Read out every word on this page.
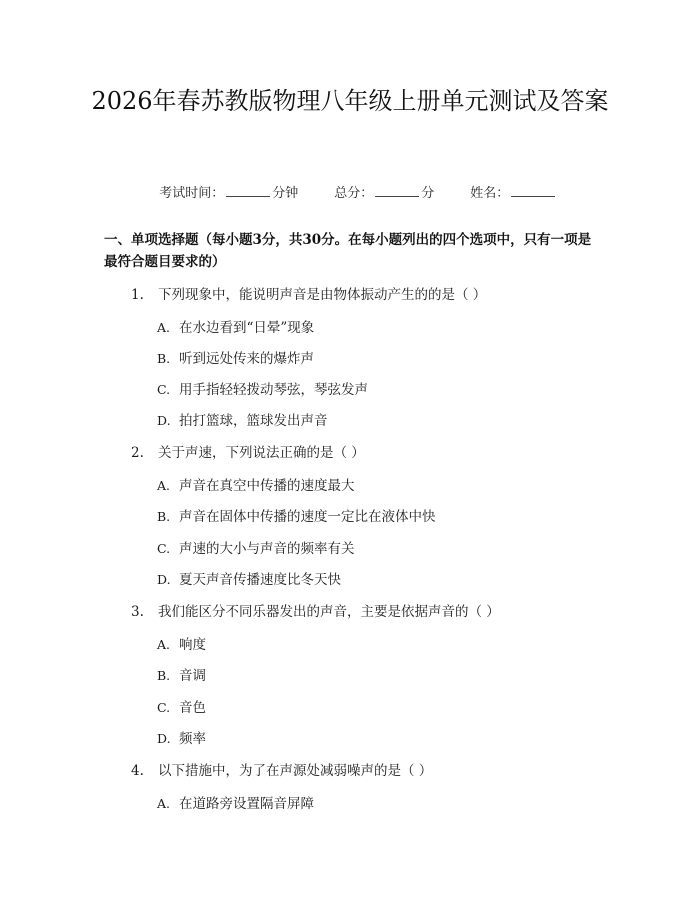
2026年春苏教版物理八年级上册单元测试及答案

考试时间：	分钟	总分：	分	姓名：

一、单项选择题（每小题3分，共30分。在每小题列出的四个选项中，只有一项是最符合题目要求的）
1. 下列现象中，能说明声音是由物体振动产生的的是（ ）
A. 在水边看到“日晕”现象
B. 听到远处传来的爆炸声
C. 用手指轻轻拨动琴弦，琴弦发声
D. 拍打篮球，篮球发出声音
2. 关于声速，下列说法正确的是（ ）
A. 声音在真空中传播的速度最大
B. 声音在固体中传播的速度一定比在液体中快
C. 声速的大小与声音的频率有关
D. 夏天声音传播速度比冬天快
3. 我们能区分不同乐器发出的声音，主要是依据声音的（ ）
A. 响度
B. 音调
C. 音色
D. 频率
4. 以下措施中，为了在声源处减弱噪声的是（ ）
A. 在道路旁设置隔音屏障
